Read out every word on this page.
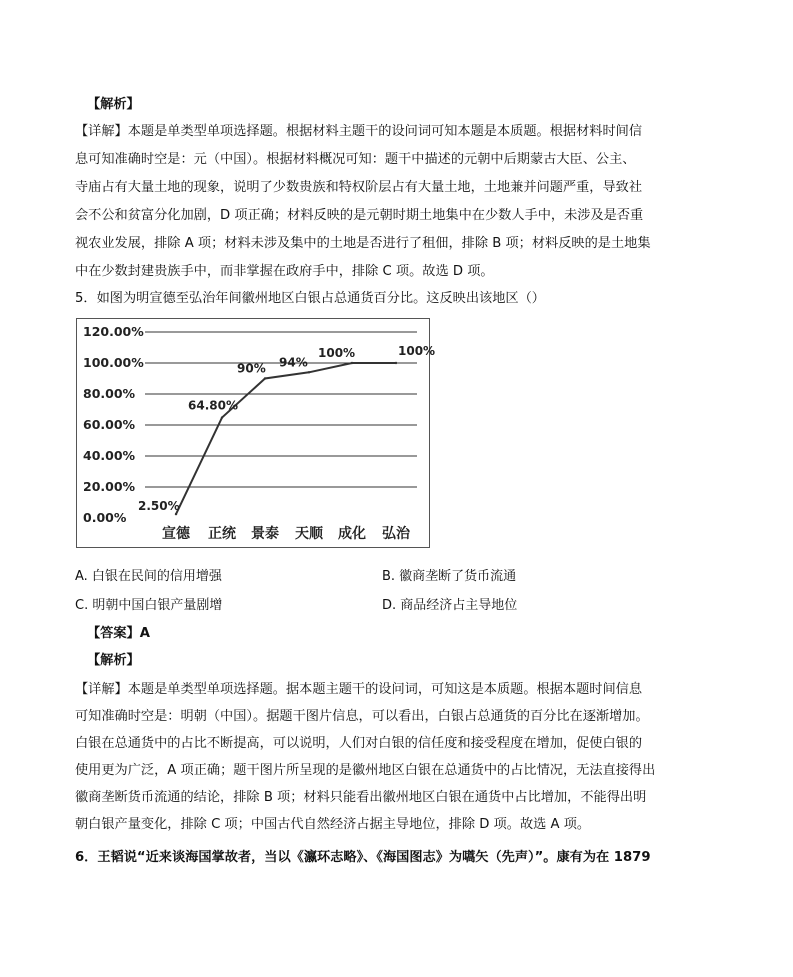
【解析】
【详解】本题是单类型单项选择题。根据材料主题干的设问词可知本题是本质题。根据材料时间信
息可知准确时空是：元（中国）。根据材料概况可知：题干中描述的元朝中后期蒙古大臣、公主、
寺庙占有大量土地的现象，说明了少数贵族和特权阶层占有大量土地，土地兼并问题严重，导致社
会不公和贫富分化加剧，D 项正确；材料反映的是元朝时期土地集中在少数人手中，未涉及是否重
视农业发展，排除 A 项；材料未涉及集中的土地是否进行了租佃，排除 B 项；材料反映的是土地集
中在少数封建贵族手中，而非掌握在政府手中，排除 C 项。故选 D 项。
5．如图为明宣德至弘治年间徽州地区白银占总通货百分比。这反映出该地区（）
0.00%
20.00%
40.00%
60.00%
80.00%
100.00%
120.00%
2.50%
64.80%
90% 94%
100%	100%
宣德 正统 景泰 天顺 成化 弘治
A. 白银在民间的信用增强	B. 徽商垄断了货币流通
C. 明朝中国白银产量剧增	D. 商品经济占主导地位
【答案】A
【解析】
【详解】本题是单类型单项选择题。据本题主题干的设问词，可知这是本质题。根据本题时间信息
可知准确时空是：明朝（中国）。据题干图片信息，可以看出，白银占总通货的百分比在逐渐增加。
白银在总通货中的占比不断提高，可以说明，人们对白银的信任度和接受程度在增加，促使白银的
使用更为广泛，A 项正确；题干图片所呈现的是徽州地区白银在总通货中的占比情况，无法直接得出
徽商垄断货币流通的结论，排除 B 项；材料只能看出徽州地区白银在通货中占比增加，不能得出明
朝白银产量变化，排除 C 项；中国古代自然经济占据主导地位，排除 D 项。故选 A 项。
6．王韬说“近来谈海国掌故者，当以《瀛环志略》、《海国图志》为嚆矢（先声）”。康有为在 1879
